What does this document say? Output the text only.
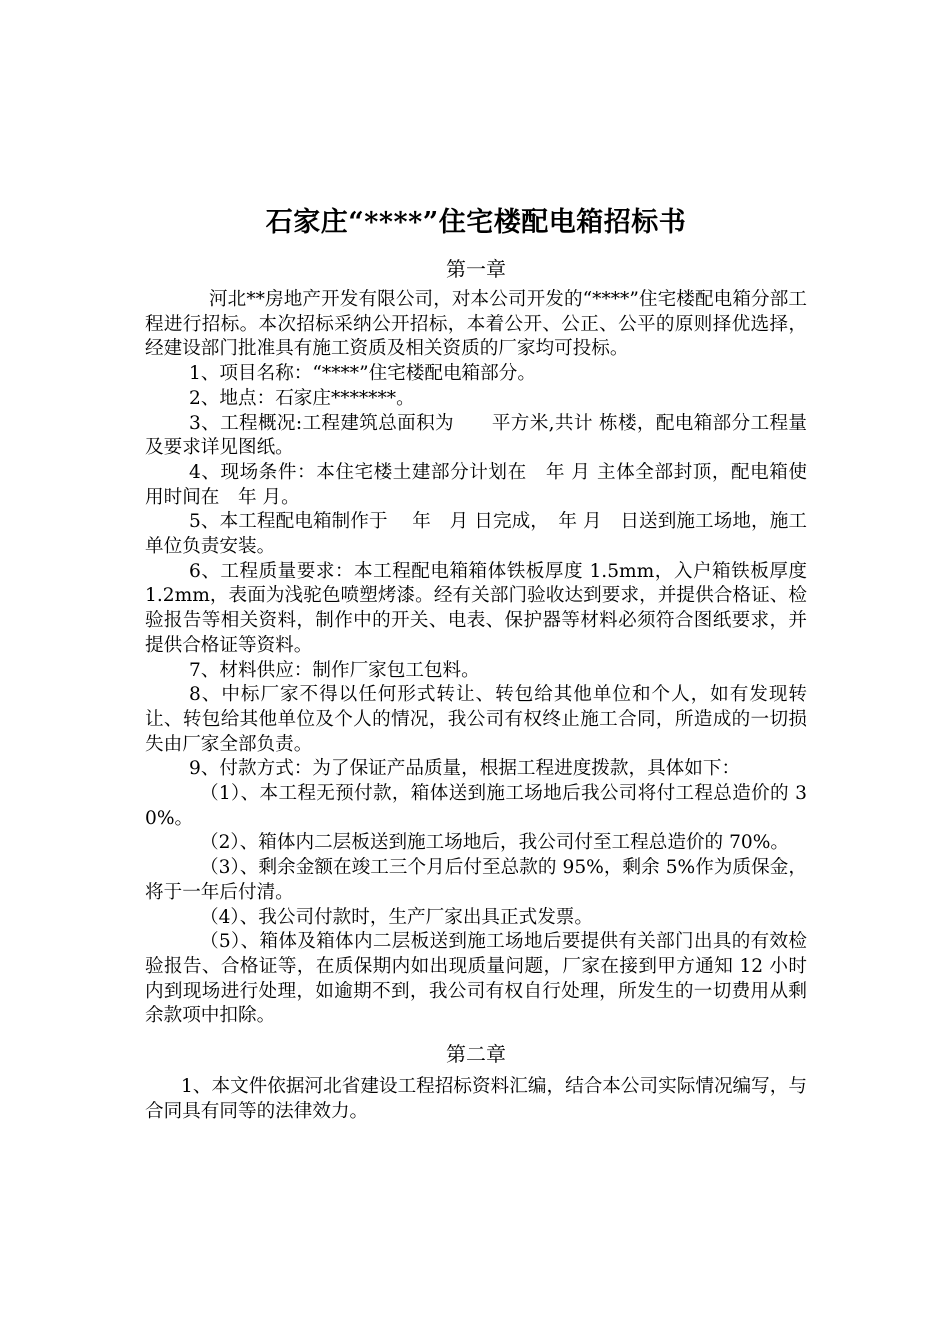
石家庄“****”住宅楼配电箱招标书
第一章

河北**房地产开发有限公司，对本公司开发的“****”住宅楼配电箱分部工程进行招标。本次招标采纳公开招标，本着公开、公正、公平的原则择优选择，经建设部门批准具有施工资质及相关资质的厂家均可投标。

1、项目名称：“****”住宅楼配电箱部分。

2、地点：石家庄*******。

3、工程概况:工程建筑总面积为　　平方米,共计 栋楼，配电箱部分工程量及要求详见图纸。

4、现场条件：本住宅楼土建部分计划在　年 月 主体全部封顶，配电箱使用时间在　年 月。

5、本工程配电箱制作于　 年　月 日完成，　年 月　日送到施工场地，施工单位负责安装。

6、工程质量要求：本工程配电箱箱体铁板厚度 1.5mm，入户箱铁板厚度 1.2mm，表面为浅驼色喷塑烤漆。经有关部门验收达到要求，并提供合格证、检验报告等相关资料，制作中的开关、电表、保护器等材料必须符合图纸要求，并提供合格证等资料。

7、材料供应：制作厂家包工包料。

8、中标厂家不得以任何形式转让、转包给其他单位和个人，如有发现转让、转包给其他单位及个人的情况，我公司有权终止施工合同，所造成的一切损失由厂家全部负责。

9、付款方式：为了保证产品质量，根据工程进度拨款，具体如下：

（1）、本工程无预付款，箱体送到施工场地后我公司将付工程总造价的 30%。

（2）、箱体内二层板送到施工场地后，我公司付至工程总造价的 70%。

（3）、剩余金额在竣工三个月后付至总款的 95%，剩余 5%作为质保金，将于一年后付清。

（4）、我公司付款时，生产厂家出具正式发票。

（5）、箱体及箱体内二层板送到施工场地后要提供有关部门出具的有效检验报告、合格证等，在质保期内如出现质量问题，厂家在接到甲方通知 12 小时内到现场进行处理，如逾期不到，我公司有权自行处理，所发生的一切费用从剩余款项中扣除。

第二章

1、本文件依据河北省建设工程招标资料汇编，结合本公司实际情况编写，与合同具有同等的法律效力。
